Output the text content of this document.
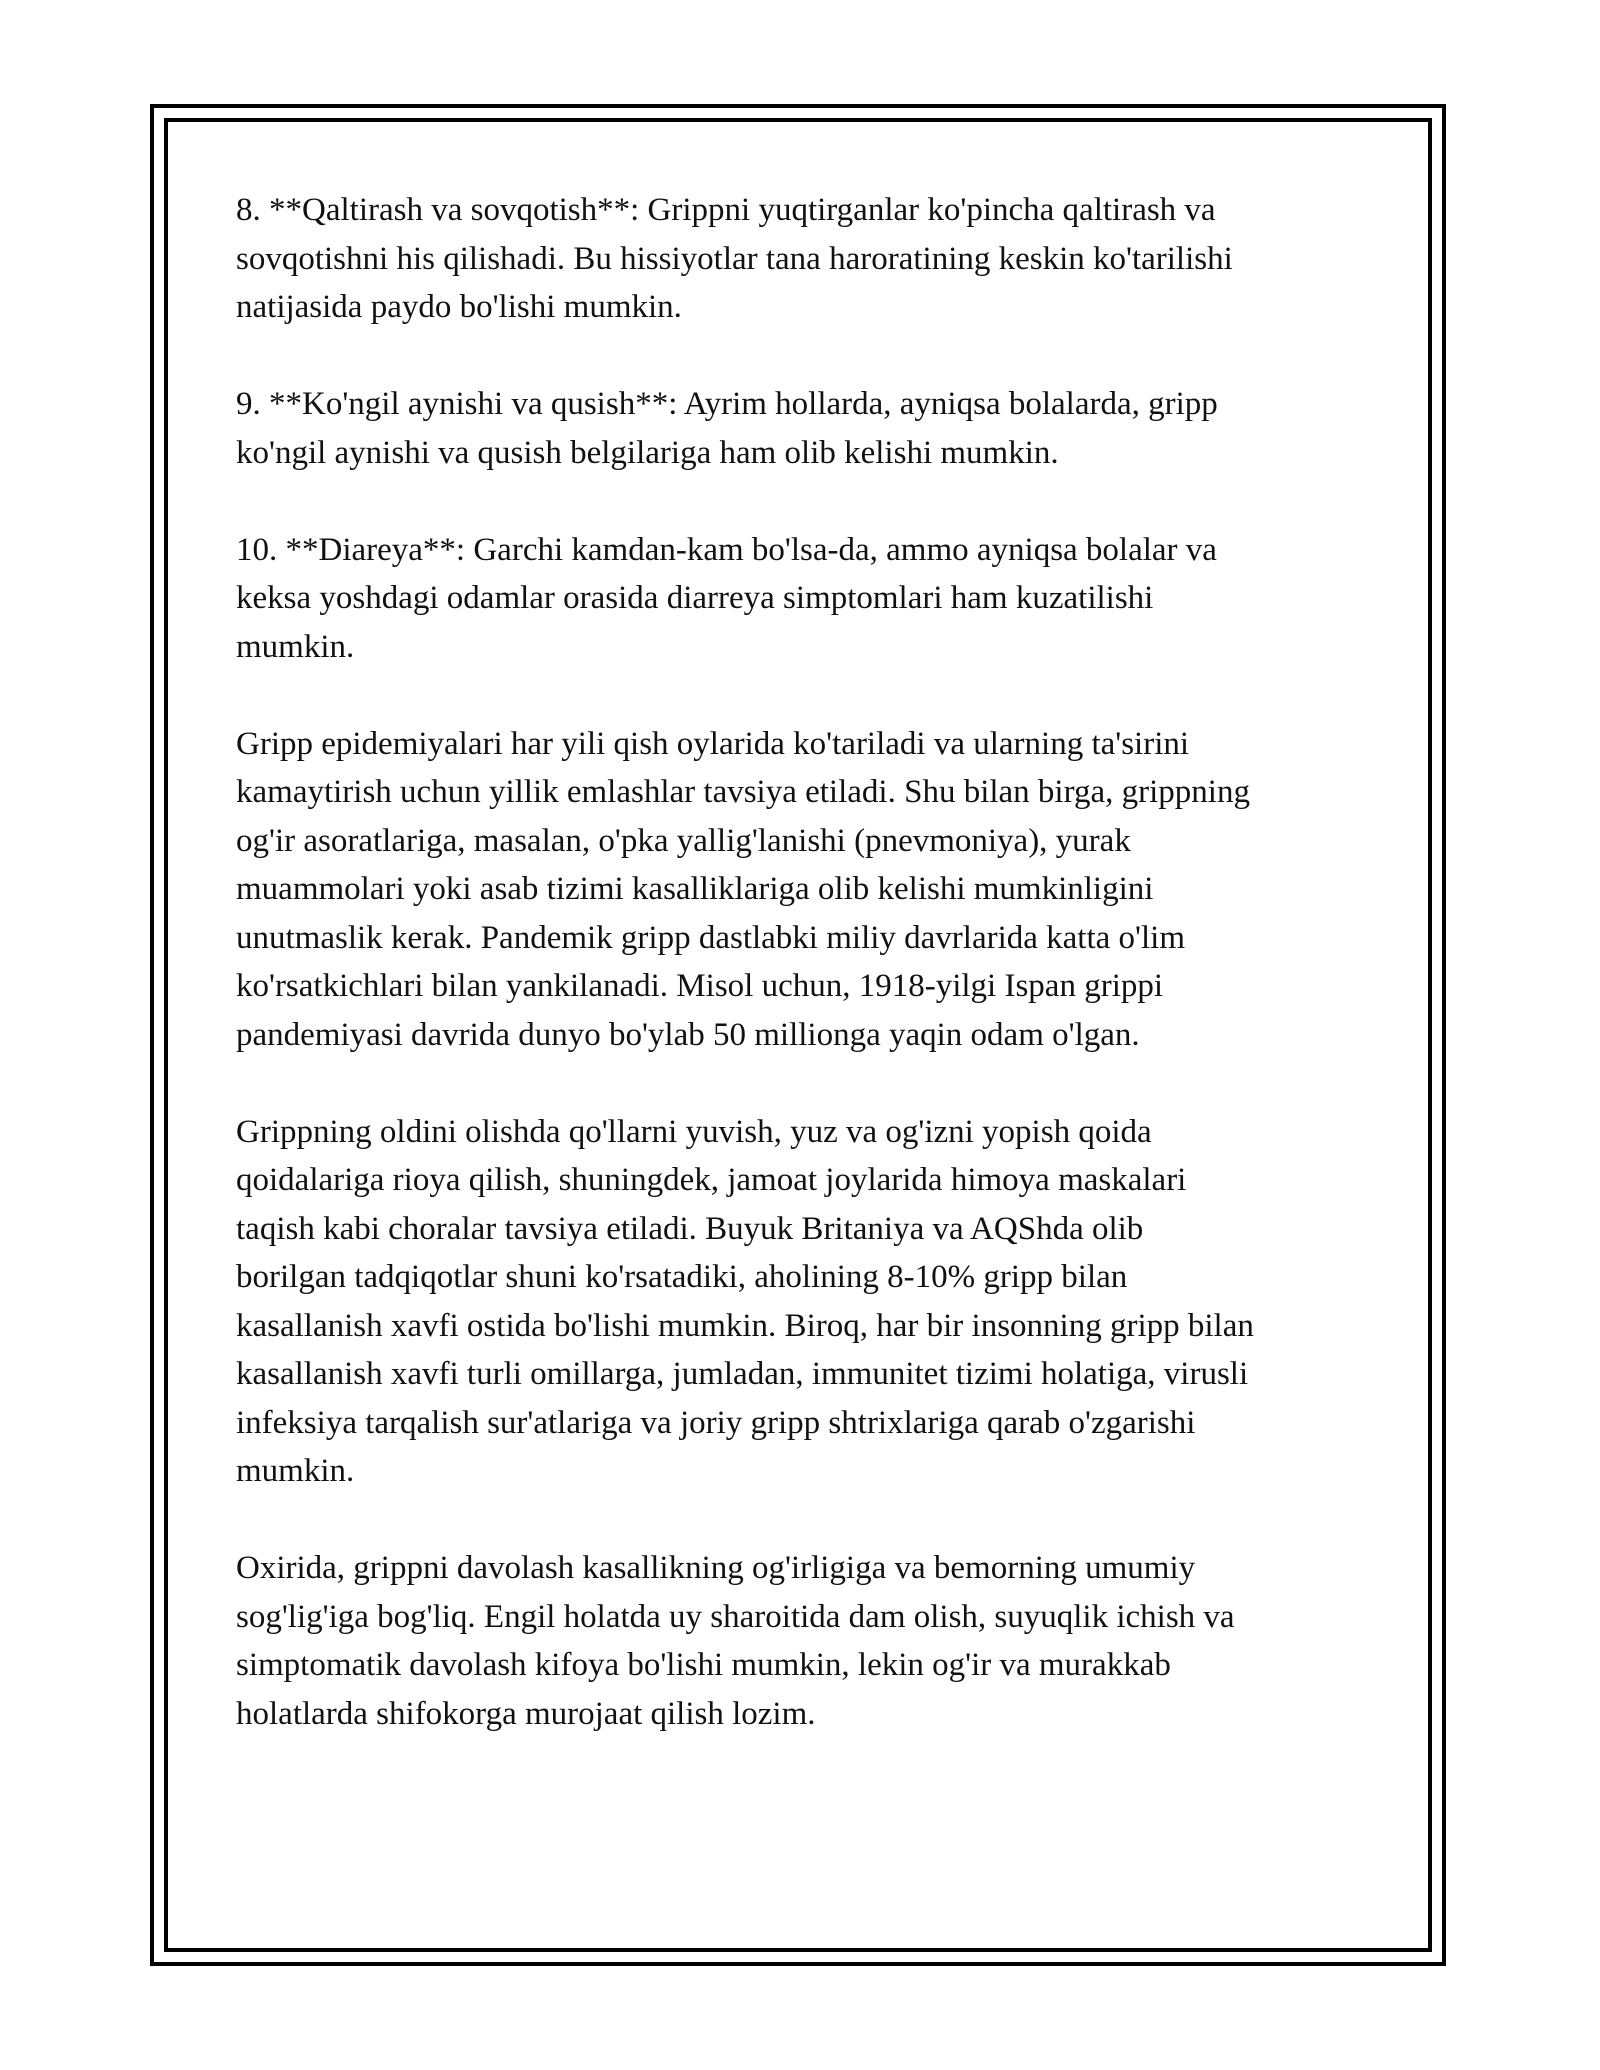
8. **Qaltirash va sovqotish**: Grippni yuqtirganlar ko'pincha qaltirash va
sovqotishni his qilishadi. Bu hissiyotlar tana haroratining keskin ko'tarilishi
natijasida paydo bo'lishi mumkin.

9. **Ko'ngil aynishi va qusish**: Ayrim hollarda, ayniqsa bolalarda, gripp
ko'ngil aynishi va qusish belgilariga ham olib kelishi mumkin.

10. **Diareya**: Garchi kamdan-kam bo'lsa-da, ammo ayniqsa bolalar va
keksa yoshdagi odamlar orasida diarreya simptomlari ham kuzatilishi
mumkin.

Gripp epidemiyalari har yili qish oylarida ko'tariladi va ularning ta'sirini
kamaytirish uchun yillik emlashlar tavsiya etiladi. Shu bilan birga, grippning
og'ir asoratlariga, masalan, o'pka yallig'lanishi (pnevmoniya), yurak
muammolari yoki asab tizimi kasalliklariga olib kelishi mumkinligini
unutmaslik kerak. Pandemik gripp dastlabki miliy davrlarida katta o'lim
ko'rsatkichlari bilan yankilanadi. Misol uchun, 1918-yilgi Ispan grippi
pandemiyasi davrida dunyo bo'ylab 50 millionga yaqin odam o'lgan.

Grippning oldini olishda qo'llarni yuvish, yuz va og'izni yopish qoida
qoidalariga rioya qilish, shuningdek, jamoat joylarida himoya maskalari
taqish kabi choralar tavsiya etiladi. Buyuk Britaniya va AQShda olib
borilgan tadqiqotlar shuni ko'rsatadiki, aholining 8-10% gripp bilan
kasallanish xavfi ostida bo'lishi mumkin. Biroq, har bir insonning gripp bilan
kasallanish xavfi turli omillarga, jumladan, immunitet tizimi holatiga, virusli
infeksiya tarqalish sur'atlariga va joriy gripp shtrixlariga qarab o'zgarishi
mumkin.

Oxirida, grippni davolash kasallikning og'irligiga va bemorning umumiy
sog'lig'iga bog'liq. Engil holatda uy sharoitida dam olish, suyuqlik ichish va
simptomatik davolash kifoya bo'lishi mumkin, lekin og'ir va murakkab
holatlarda shifokorga murojaat qilish lozim.
